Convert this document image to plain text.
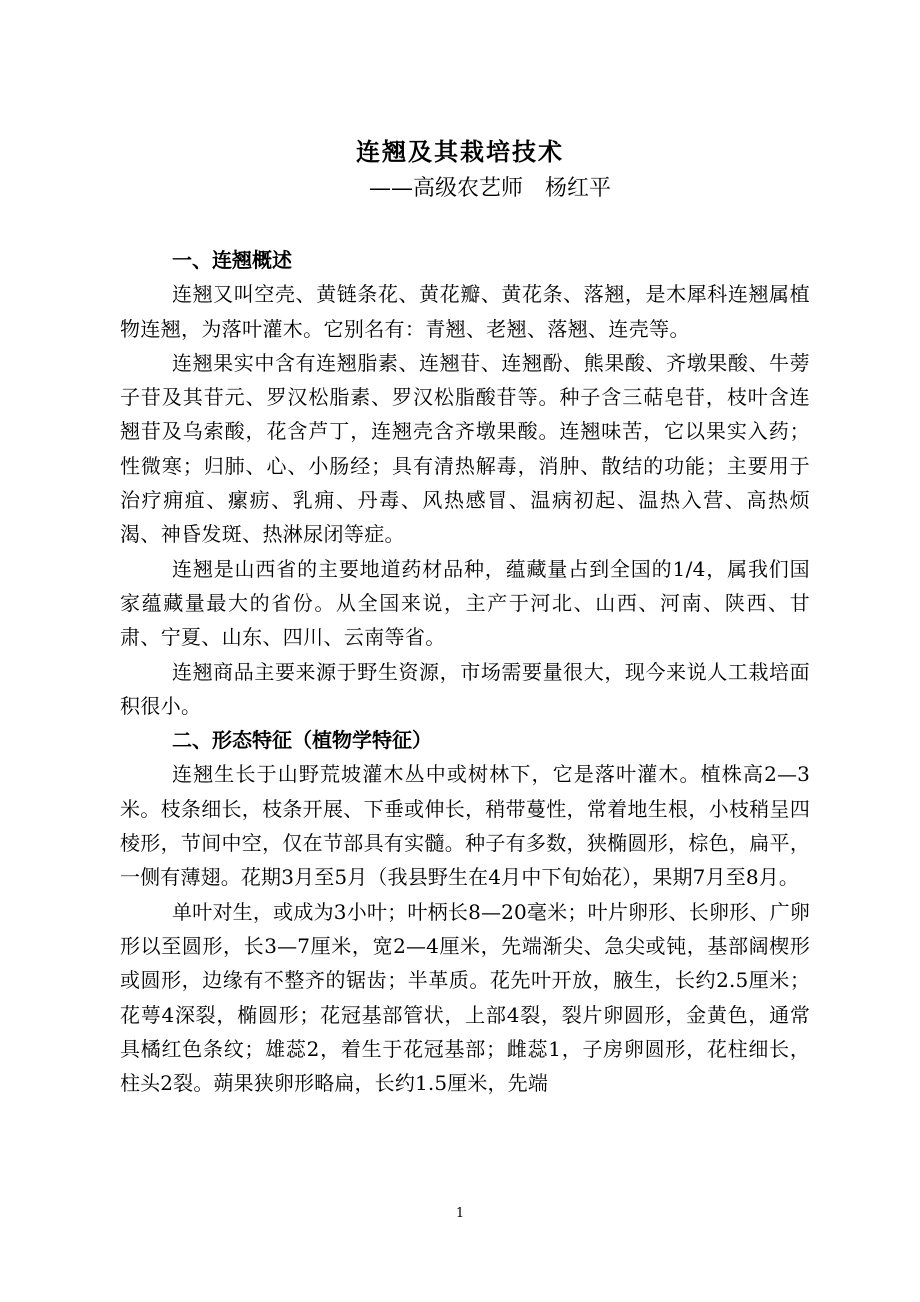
连翘及其栽培技术
——高级农艺师　杨红平

一、连翘概述

连翘又叫空壳、黄链条花、黄花瓣、黄花条、落翘，是木犀科连翘属植物连翘，为落叶灌木。它别名有：青翘、老翘、落翘、连壳等。

连翘果实中含有连翘脂素、连翘苷、连翘酚、熊果酸、齐墩果酸、牛蒡子苷及其苷元、罗汉松脂素、罗汉松脂酸苷等。种子含三萜皂苷，枝叶含连翘苷及乌索酸，花含芦丁，连翘壳含齐墩果酸。连翘味苦，它以果实入药；性微寒；归肺、心、小肠经；具有清热解毒，消肿、散结的功能；主要用于治疗痈疽、瘰疬、乳痈、丹毒、风热感冒、温病初起、温热入营、高热烦渴、神昏发斑、热淋尿闭等症。

连翘是山西省的主要地道药材品种，蕴藏量占到全国的1/4，属我们国家蕴藏量最大的省份。从全国来说，主产于河北、山西、河南、陕西、甘肃、宁夏、山东、四川、云南等省。

连翘商品主要来源于野生资源，市场需要量很大，现今来说人工栽培面积很小。

二、形态特征（植物学特征）

连翘生长于山野荒坡灌木丛中或树林下，它是落叶灌木。植株高2—3米。枝条细长，枝条开展、下垂或伸长，稍带蔓性，常着地生根，小枝稍呈四棱形，节间中空，仅在节部具有实髓。种子有多数，狭椭圆形，棕色，扁平，一侧有薄翅。花期3月至5月（我县野生在4月中下旬始花），果期7月至8月。

单叶对生，或成为3小叶；叶柄长8—20毫米；叶片卵形、长卵形、广卵形以至圆形，长3—7厘米，宽2—4厘米，先端渐尖、急尖或钝，基部阔楔形或圆形，边缘有不整齐的锯齿；半革质。花先叶开放，腋生，长约2.5厘米；花萼4深裂，椭圆形；花冠基部管状，上部4裂，裂片卵圆形，金黄色，通常具橘红色条纹；雄蕊2，着生于花冠基部；雌蕊1，子房卵圆形，花柱细长，柱头2裂。蒴果狭卵形略扁，长约1.5厘米，先端

1
